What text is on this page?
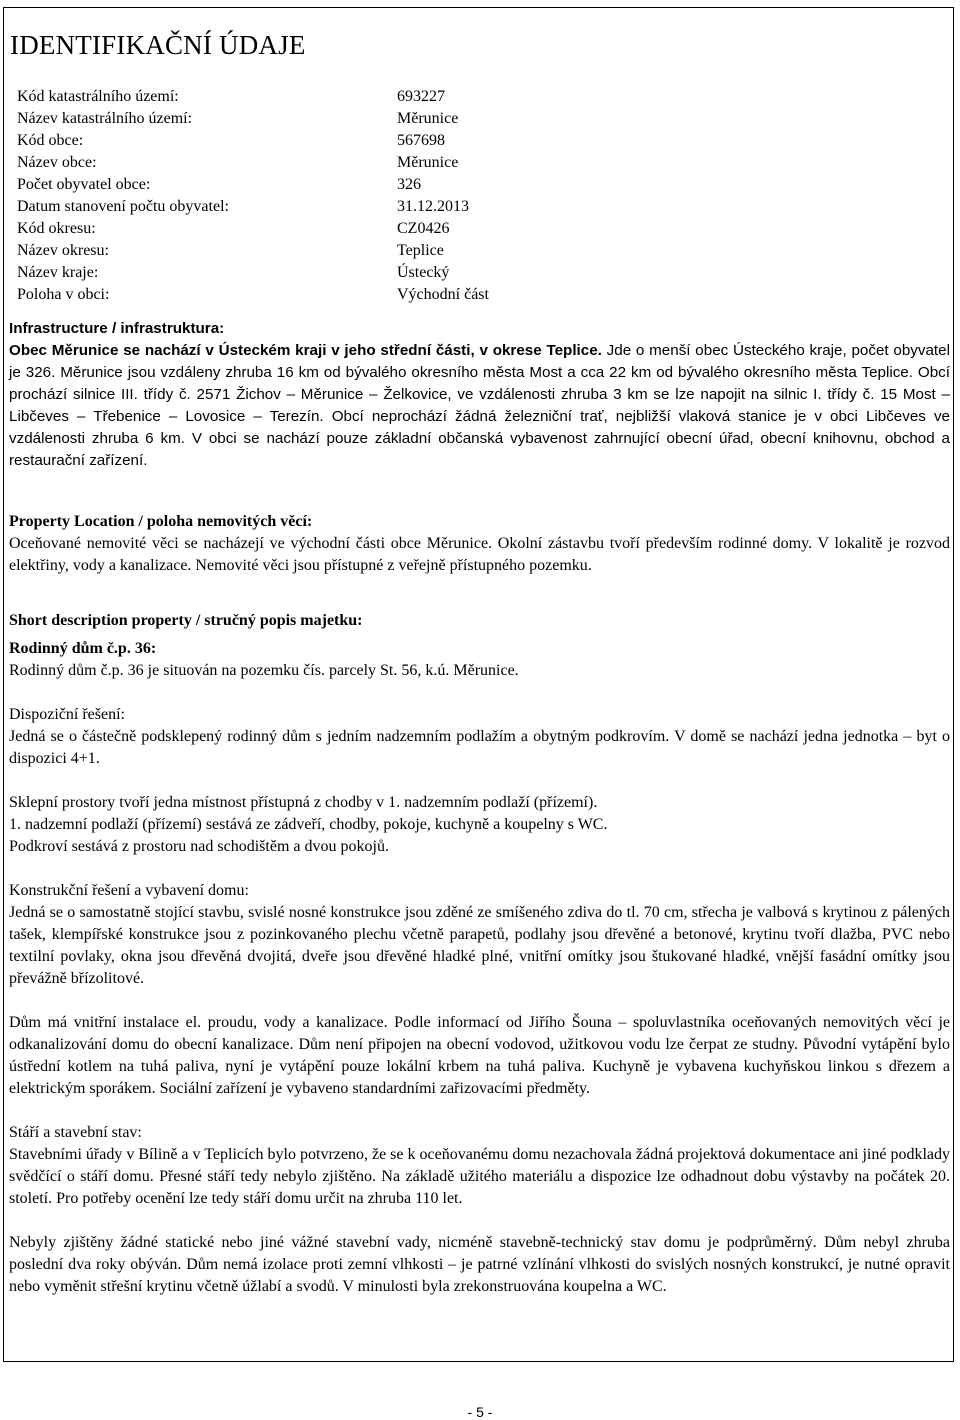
IDENTIFIKAČNÍ ÚDAJE
Kód katastrálního území:	693227
Název katastrálního území:	Měrunice
Kód obce:	567698
Název obce:	Měrunice
Počet obyvatel obce:	326
Datum stanovení počtu obyvatel:	31.12.2013
Kód okresu:	CZ0426
Název okresu:	Teplice
Název kraje:	Ústecký
Poloha v obci:	Východní část

Infrastructure / infrastruktura:

Obec Měrunice se nachází v Ústeckém kraji v jeho střední části, v okrese Teplice. Jde o menší obec Ústeckého kraje, počet obyvatel je 326. Měrunice jsou vzdáleny zhruba 16 km od bývalého okresního města Most a cca 22 km od bývalého okresního města Teplice. Obcí prochází silnice III. třídy č. 2571 Žichov – Měrunice – Želkovice, ve vzdálenosti zhruba 3 km se lze napojit na silnic I. třídy č. 15 Most – Libčeves – Třebenice – Lovosice – Terezín. Obcí neprochází žádná železniční trať, nejbližší vlaková stanice je v obci Libčeves ve vzdálenosti zhruba 6 km. V obci se nachází pouze základní občanská vybavenost zahrnující obecní úřad, obecní knihovnu, obchod a restaurační zařízení.

Property Location / poloha nemovitých věcí:

Oceňované nemovité věci se nacházejí ve východní části obce Měrunice. Okolní zástavbu tvoří především rodinné domy. V lokalitě je rozvod elektřiny, vody a kanalizace. Nemovité věci jsou přístupné z veřejně přístupného pozemku.

Short description property / stručný popis majetku:

Rodinný dům č.p. 36:

Rodinný dům č.p. 36 je situován na pozemku čís. parcely St. 56, k.ú. Měrunice.

Dispoziční řešení:

Jedná se o částečně podsklepený rodinný dům s jedním nadzemním podlažím a obytným podkrovím. V domě se nachází jedna jednotka – byt o dispozici 4+1.

Sklepní prostory tvoří jedna místnost přístupná z chodby v 1. nadzemním podlaží (přízemí).

1. nadzemní podlaží (přízemí) sestává ze zádveří, chodby, pokoje, kuchyně a koupelny s WC.

Podkroví sestává z prostoru nad schodištěm a dvou pokojů.

Konstrukční řešení a vybavení domu:

Jedná se o samostatně stojící stavbu, svislé nosné konstrukce jsou zděné ze smíšeného zdiva do tl. 70 cm, střecha je valbová s krytinou z pálených tašek, klempířské konstrukce jsou z pozinkovaného plechu včetně parapetů, podlahy jsou dřevěné a betonové, krytinu tvoří dlažba, PVC nebo textilní povlaky, okna jsou dřevěná dvojitá, dveře jsou dřevěné hladké plné, vnitřní omítky jsou štukované hladké, vnější fasádní omítky jsou převážně břízolitové.

Dům má vnitřní instalace el. proudu, vody a kanalizace. Podle informací od Jiřího Šouna – spoluvlastníka oceňovaných nemovitých věcí je odkanalizování domu do obecní kanalizace. Dům není připojen na obecní vodovod, užitkovou vodu lze čerpat ze studny. Původní vytápění bylo ústřední kotlem na tuhá paliva, nyní je vytápění pouze lokální krbem na tuhá paliva. Kuchyně je vybavena kuchyňskou linkou s dřezem a elektrickým sporákem. Sociální zařízení je vybaveno standardními zařizovacími předměty.

Stáří a stavební stav:

Stavebními úřady v Bílině a v Teplicích bylo potvrzeno, že se k oceňovanému domu nezachovala žádná projektová dokumentace ani jiné podklady svědčící o stáří domu. Přesné stáří tedy nebylo zjištěno. Na základě užitého materiálu a dispozice lze odhadnout dobu výstavby na počátek 20. století. Pro potřeby ocenění lze tedy stáří domu určit na zhruba 110 let.

Nebyly zjištěny žádné statické nebo jiné vážné stavební vady, nicméně stavebně-technický stav domu je podprůměrný. Dům nebyl zhruba poslední dva roky obýván. Dům nemá izolace proti zemní vlhkosti – je patrné vzlínání vlhkosti do svislých nosných konstrukcí, je nutné opravit nebo vyměnit střešní krytinu včetně úžlabí a svodů. V minulosti byla zrekonstruována koupelna a WC.

- 5 -
